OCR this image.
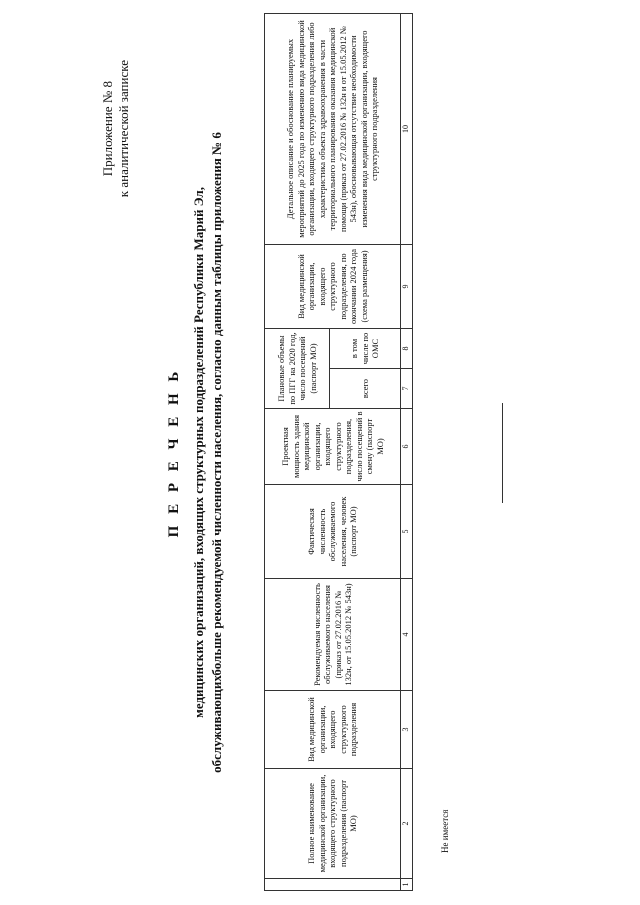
Приложение № 8 к аналитической записке
П Е Р Е Ч Е Н Ь медицинских организаций, входящих структурных подразделений Республики Марий Эл, обслуживающихбольше рекомендуемой численности населения, согласно данным таблицы приложения № 6
	Полное наименование медицинской организации, входящего структурного подразделения (паспорт МО)	Вид медицинской организации, входящего структурного подразделения	Рекомендуемая численность обслуживаемого населения (приказ от 27.02.2016 № 132н, от 15.05.2012 № 543н)	Фактическая численность обслуживаемого населения, человек (паспорт МО)	Проектная мощность здания медицинской организации, входящего структурного подразделения, число посещений в смену (паспорт МО)	Плановые объемы по ПГГ на 2020 год, число посещений (паспорт МО)		Вид медицинской организации, входящего структурного подразделения, по окончании 2024 года (схема размещения)	Детальное описание и обоснование планируемых мероприятий до 2025 года по изменению вида медицинской организации, входящего структурного подразделения либо характеристика объекта здравоохранения в части территориального планирования оказания медицинской помощи (приказ от 27.02.2016 № 132н и от 15.05.2012 № 543н), обосновывающая отсутствие необходимости изменения вида медицинской организации, входящего структурного подразделения
						всего	в том числе по ОМС		
1	2	3	4	5	6	7	8	9	10
Не имеется
